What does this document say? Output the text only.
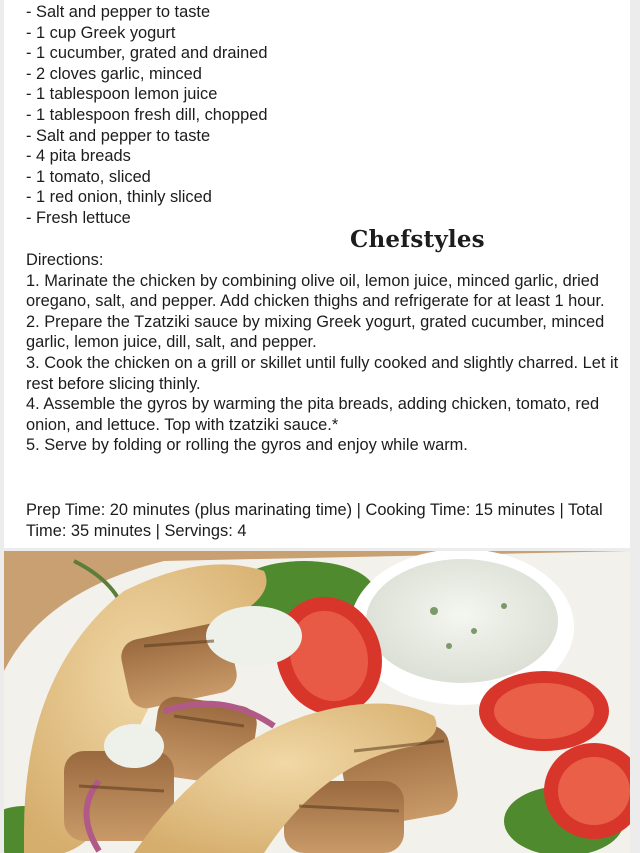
- Salt and pepper to taste
- 1 cup Greek yogurt
- 1 cucumber, grated and drained
- 2 cloves garlic, minced
- 1 tablespoon lemon juice
- 1 tablespoon fresh dill, chopped
- Salt and pepper to taste
- 4 pita breads
- 1 tomato, sliced
- 1 red onion, thinly sliced
- Fresh lettuce
Chefstyles

Directions:

1. Marinate the chicken by combining olive oil, lemon juice, minced garlic, dried oregano, salt, and pepper. Add chicken thighs and refrigerate for at least 1 hour.

2. Prepare the Tzatziki sauce by mixing Greek yogurt, grated cucumber, minced garlic, lemon juice, dill, salt, and pepper.

3. Cook the chicken on a grill or skillet until fully cooked and slightly charred. Let it rest before slicing thinly.

4. Assemble the gyros by warming the pita breads, adding chicken, tomato, red onion, and lettuce. Top with tzatziki sauce.*

5. Serve by folding or rolling the gyros and enjoy while warm.

Prep Time: 20 minutes (plus marinating time) | Cooking Time: 15 minutes | Total Time: 35 minutes | Servings: 4
